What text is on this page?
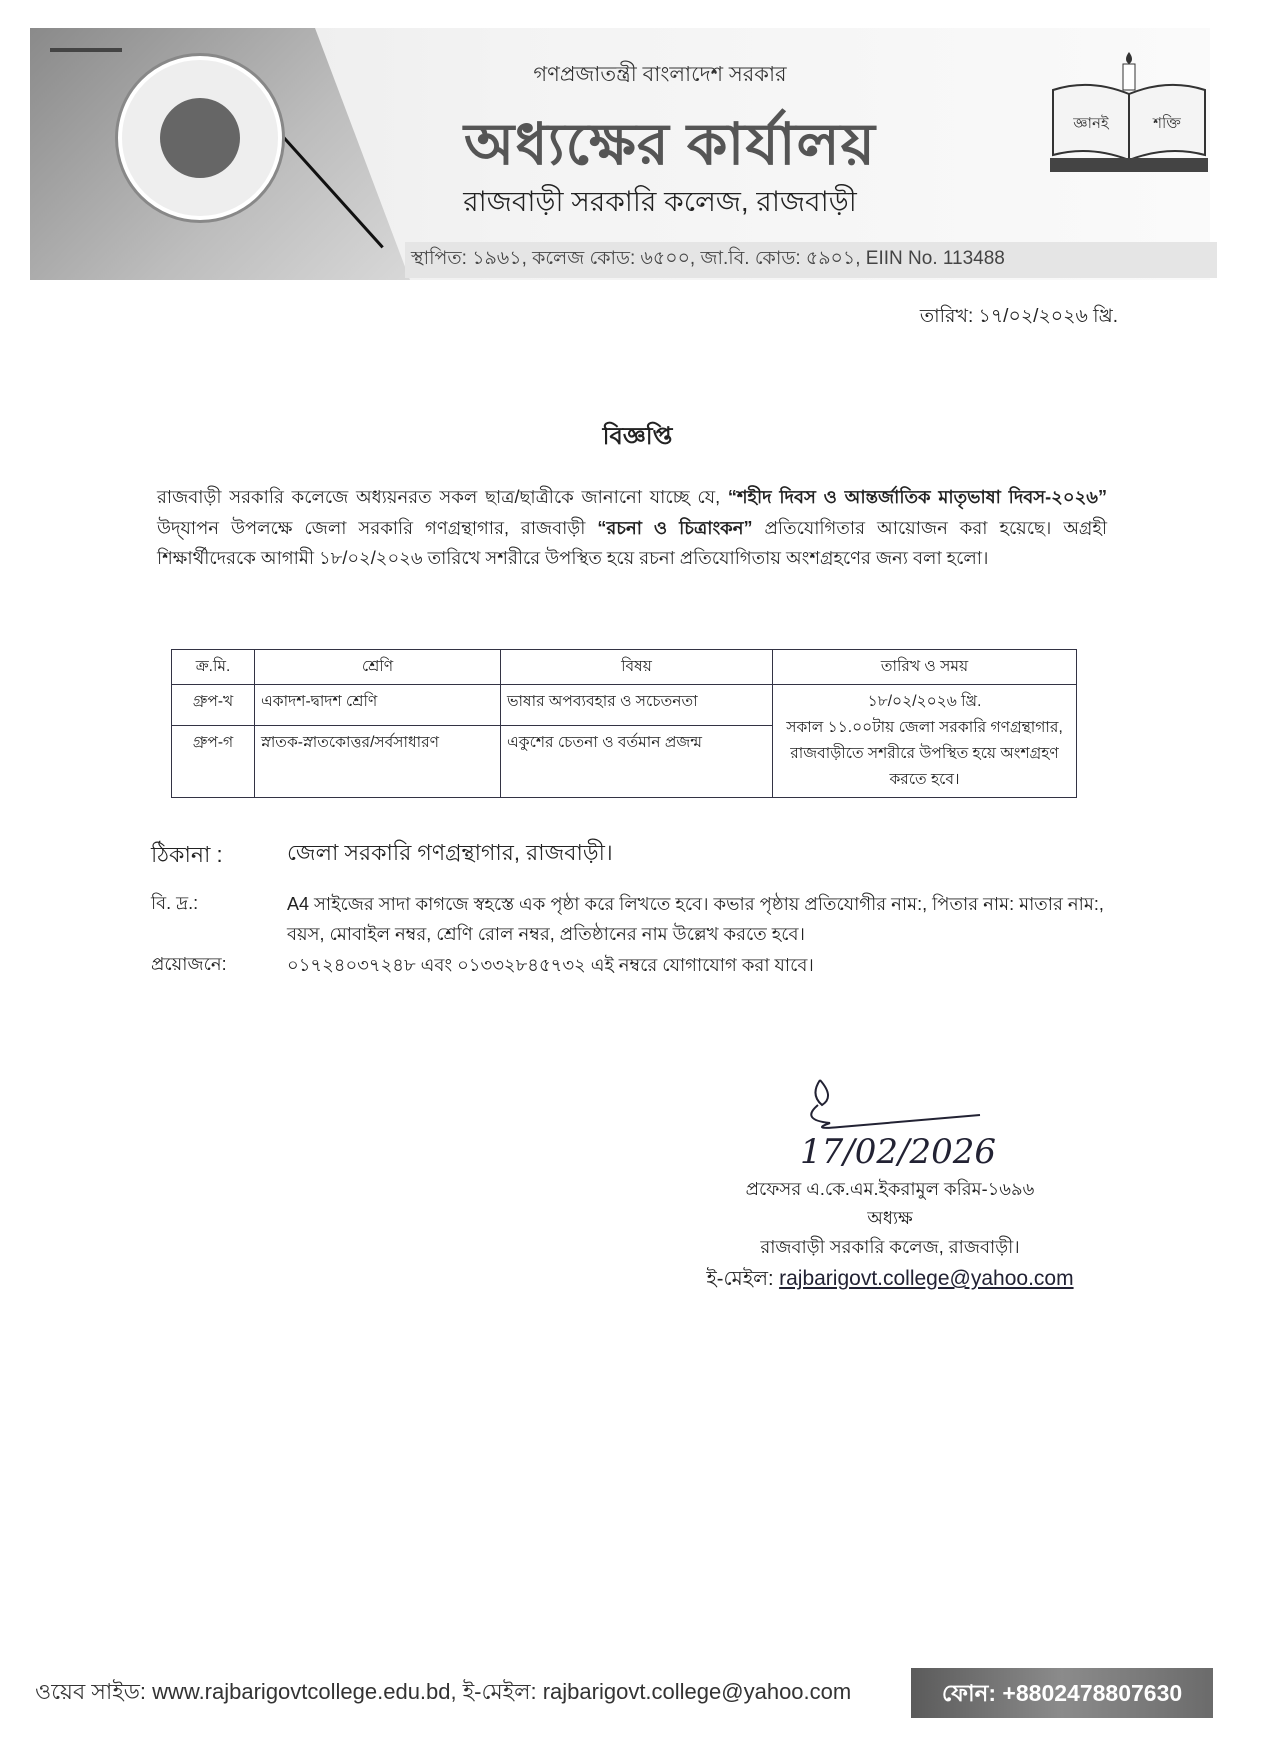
গণপ্রজাতন্ত্রী বাংলাদেশ সরকার
অধ্যক্ষের কার্যালয়
রাজবাড়ী সরকারি কলেজ, রাজবাড়ী
স্থাপিত: ১৯৬১, কলেজ কোড: ৬৫০০, জা.বি. কোড: ৫৯০১, EIIN No. 113488
জ্ঞানই	শক্তি
তারিখ: ১৭/০২/২০২৬ খ্রি.
বিজ্ঞপ্তি
রাজবাড়ী সরকারি কলেজে অধ্যয়নরত সকল ছাত্র/ছাত্রীকে জানানো যাচ্ছে যে, “শহীদ দিবস ও আন্তর্জাতিক মাতৃভাষা দিবস-২০২৬” উদ্‌যাপন উপলক্ষে জেলা সরকারি গণগ্রন্থাগার, রাজবাড়ী “রচনা ও চিত্রাংকন” প্রতিযোগিতার আয়োজন করা হয়েছে। অগ্রহী শিক্ষার্থীদেরকে আগামী ১৮/০২/২০২৬ তারিখে সশরীরে উপস্থিত হয়ে রচনা প্রতিযোগিতায় অংশগ্রহণের জন্য বলা হলো।
ক্র.মি.	শ্রেণি	বিষয়	তারিখ ও সময়
গ্রুপ-খ	একাদশ-দ্বাদশ শ্রেণি	ভাষার অপব্যবহার ও সচেতনতা	১৮/০২/২০২৬ খ্রি.
সকাল ১১.০০টায় জেলা সরকারি গণগ্রন্থাগার, রাজবাড়ীতে সশরীরে উপস্থিত হয়ে অংশগ্রহণ করতে হবে।

গ্রুপ-গ	স্নাতক-স্নাতকোত্তর/সর্বসাধারণ	একুশের চেতনা ও বর্তমান প্রজন্ম	
ঠিকানা :	জেলা সরকারি গণগ্রন্থাগার, রাজবাড়ী।
বি. দ্র.:	A4 সাইজের সাদা কাগজে স্বহস্তে এক পৃষ্ঠা করে লিখতে হবে। কভার পৃষ্ঠায় প্রতিযোগীর নাম:, পিতার নাম: মাতার নাম:, বয়স, মোবাইল নম্বর, শ্রেণি রোল নম্বর, প্রতিষ্ঠানের নাম উল্লেখ করতে হবে।
প্রয়োজনে:	০১৭২৪০৩৭২৪৮ এবং ০১৩৩২৮৪৫৭৩২ এই নম্বরে যোগাযোগ করা যাবে।
17/02/2026
প্রফেসর এ.কে.এম.ইকরামুল করিম-১৬৯৬
অধ্যক্ষ
রাজবাড়ী সরকারি কলেজ, রাজবাড়ী।
ই-মেইল: rajbarigovt.college@yahoo.com
ওয়েব সাইড: www.rajbarigovtcollege.edu.bd, ই-মেইল: rajbarigovt.college@yahoo.com	ফোন: +8802478807630
